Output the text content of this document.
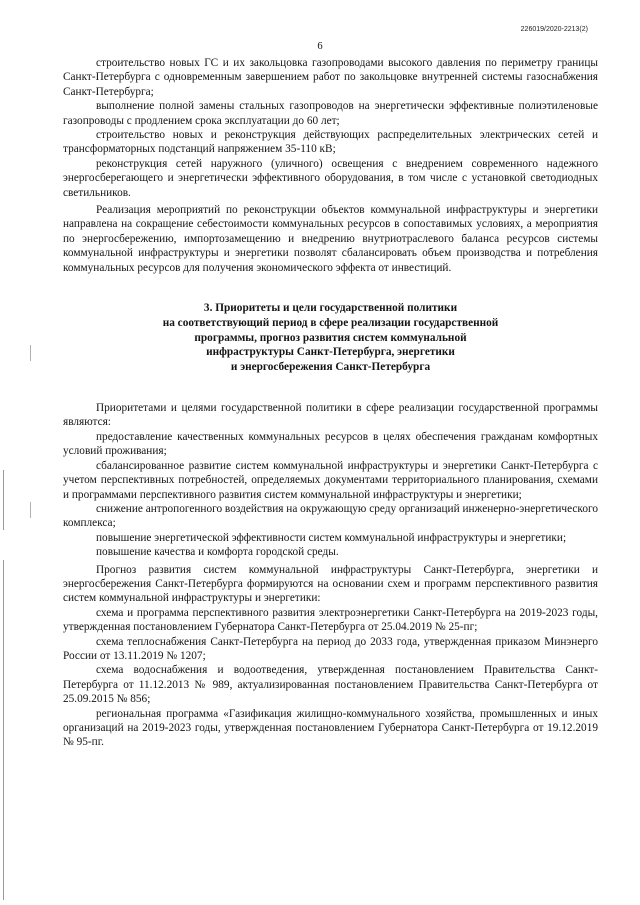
226019/2020-2213(2)
6

строительство новых ГС и их закольцовка газопроводами высокого давления по периметру границы Санкт-Петербурга с одновременным завершением работ по закольцовке внутренней системы газоснабжения Санкт-Петербурга;

выполнение полной замены стальных газопроводов на энергетически эффективные полиэтиленовые газопроводы с продлением срока эксплуатации до 60 лет;

строительство новых и реконструкция действующих распределительных электрических сетей и трансформаторных подстанций напряжением 35-110 кВ;

реконструкция сетей наружного (уличного) освещения с внедрением современного надежного энергосберегающего и энергетически эффективного оборудования, в том числе с установкой светодиодных светильников.

Реализация мероприятий по реконструкции объектов коммунальной инфраструктуры и энергетики направлена на сокращение себестоимости коммунальных ресурсов в сопоставимых условиях, а мероприятия по энергосбережению, импортозамещению и внедрению внутриотраслевого баланса ресурсов системы коммунальной инфраструктуры и энергетики позволят сбалансировать объем производства и потребления коммунальных ресурсов для получения экономического эффекта от инвестиций.

3. Приоритеты и цели государственной политики
на соответствующий период в сфере реализации государственной
программы, прогноз развития систем коммунальной
инфраструктуры Санкт-Петербурга, энергетики
и энергосбережения Санкт-Петербурга

Приоритетами и целями государственной политики в сфере реализации государственной программы являются:

предоставление качественных коммунальных ресурсов в целях обеспечения гражданам комфортных условий проживания;

сбалансированное развитие систем коммунальной инфраструктуры и энергетики Санкт-Петербурга с учетом перспективных потребностей, определяемых документами территориального планирования, схемами и программами перспективного развития систем коммунальной инфраструктуры и энергетики;

снижение антропогенного воздействия на окружающую среду организаций инженерно-энергетического комплекса;

повышение энергетической эффективности систем коммунальной инфраструктуры и энергетики;

повышение качества и комфорта городской среды.

Прогноз развития систем коммунальной инфраструктуры Санкт-Петербурга, энергетики и энергосбережения Санкт-Петербурга формируются на основании схем и программ перспективного развития систем коммунальной инфраструктуры и энергетики:

схема и программа перспективного развития электроэнергетики Санкт-Петербурга на 2019-2023 годы, утвержденная постановлением Губернатора Санкт-Петербурга от 25.04.2019 № 25-пг;

схема теплоснабжения Санкт-Петербурга на период до 2033 года, утвержденная приказом Минэнерго России от 13.11.2019 № 1207;

схема водоснабжения и водоотведения, утвержденная постановлением Правительства Санкт-Петербурга от 11.12.2013 № 989, актуализированная постановлением Правительства Санкт-Петербурга от 25.09.2015 № 856;

региональная программа «Газификация жилищно-коммунального хозяйства, промышленных и иных организаций на 2019-2023 годы, утвержденная постановлением Губернатора Санкт-Петербурга от 19.12.2019 № 95-пг.
